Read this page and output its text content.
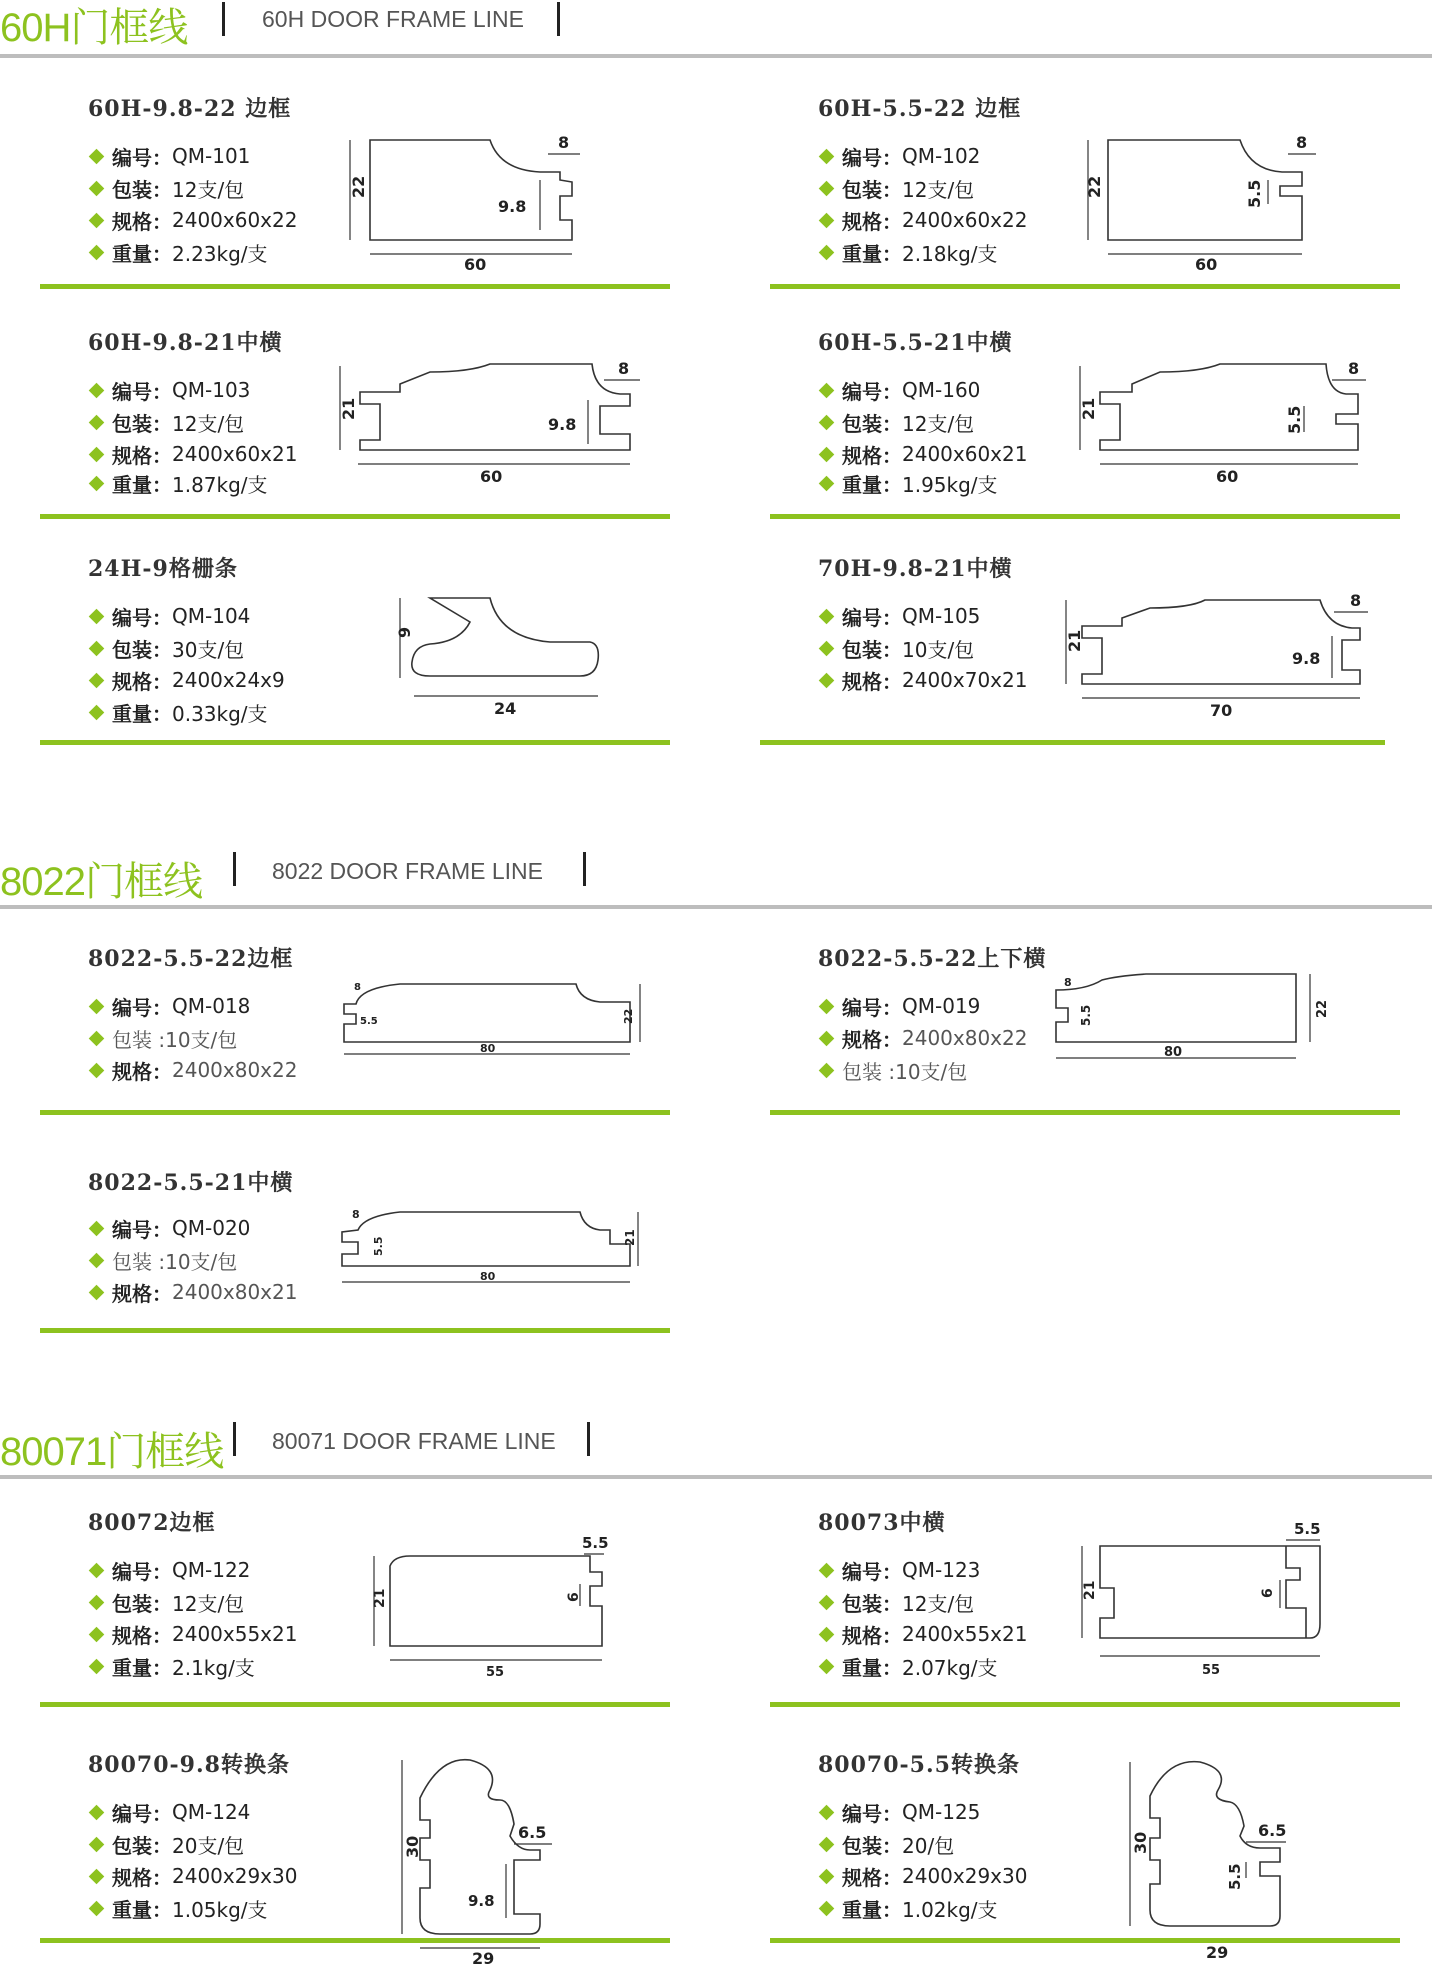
60H门框线	60H DOOR FRAME LINE
8022门框线	8022 DOOR FRAME LINE
80071门框线 80071 DOOR FRAME LINE
60H-9.8-22 边框
编号： QM-101
包装： 12支/包
规格： 2400x60x22
重量： 2.23kg/支
22
60
8
9.8
60H-5.5-22 边框
编号： QM-102
包装： 12支/包
规格： 2400x60x22
重量： 2.18kg/支
22
60
8
5.5
60H-9.8-21中横
编号： QM-103
包装： 12支/包
规格： 2400x60x21
重量： 1.87kg/支
21
60
8
9.8
60H-5.5-21中横
编号： QM-160
包装： 12支/包
规格： 2400x60x21
重量： 1.95kg/支
21
60
8
5.5
24H-9格栅条
编号： QM-104
包装： 30支/包
规格： 2400x24x9
重量： 0.33kg/支
9
24
70H-9.8-21中横
编号： QM-105
包装： 10支/包
规格： 2400x70x21
21
70
8
9.8
8022-5.5-22边框
编号： QM-018
包装 : 10支/包
规格： 2400x80x22
22
80
8
5.5
8022-5.5-22上下横
编号： QM-019
规格： 2400x80x22
包装 : 10支/包
22
80
8
5.5
8022-5.5-21中横
编号： QM-020
包装 : 10支/包
规格： 2400x80x21
21
80
8
5.5
80072边框
编号： QM-122
包装： 12支/包
规格： 2400x55x21
重量： 2.1kg/支
21
55
5.5
6
80073中横
编号： QM-123
包装： 12支/包
规格： 2400x55x21
重量： 2.07kg/支
21
55
5.5
6
80070-9.8转换条
编号： QM-124
包装： 20支/包
规格： 2400x29x30
重量： 1.05kg/支
30
29
6.5
9.8
80070-5.5转换条
编号： QM-125
包装： 20/包
规格： 2400x29x30
重量： 1.02kg/支
30
29
6.5
5.5
